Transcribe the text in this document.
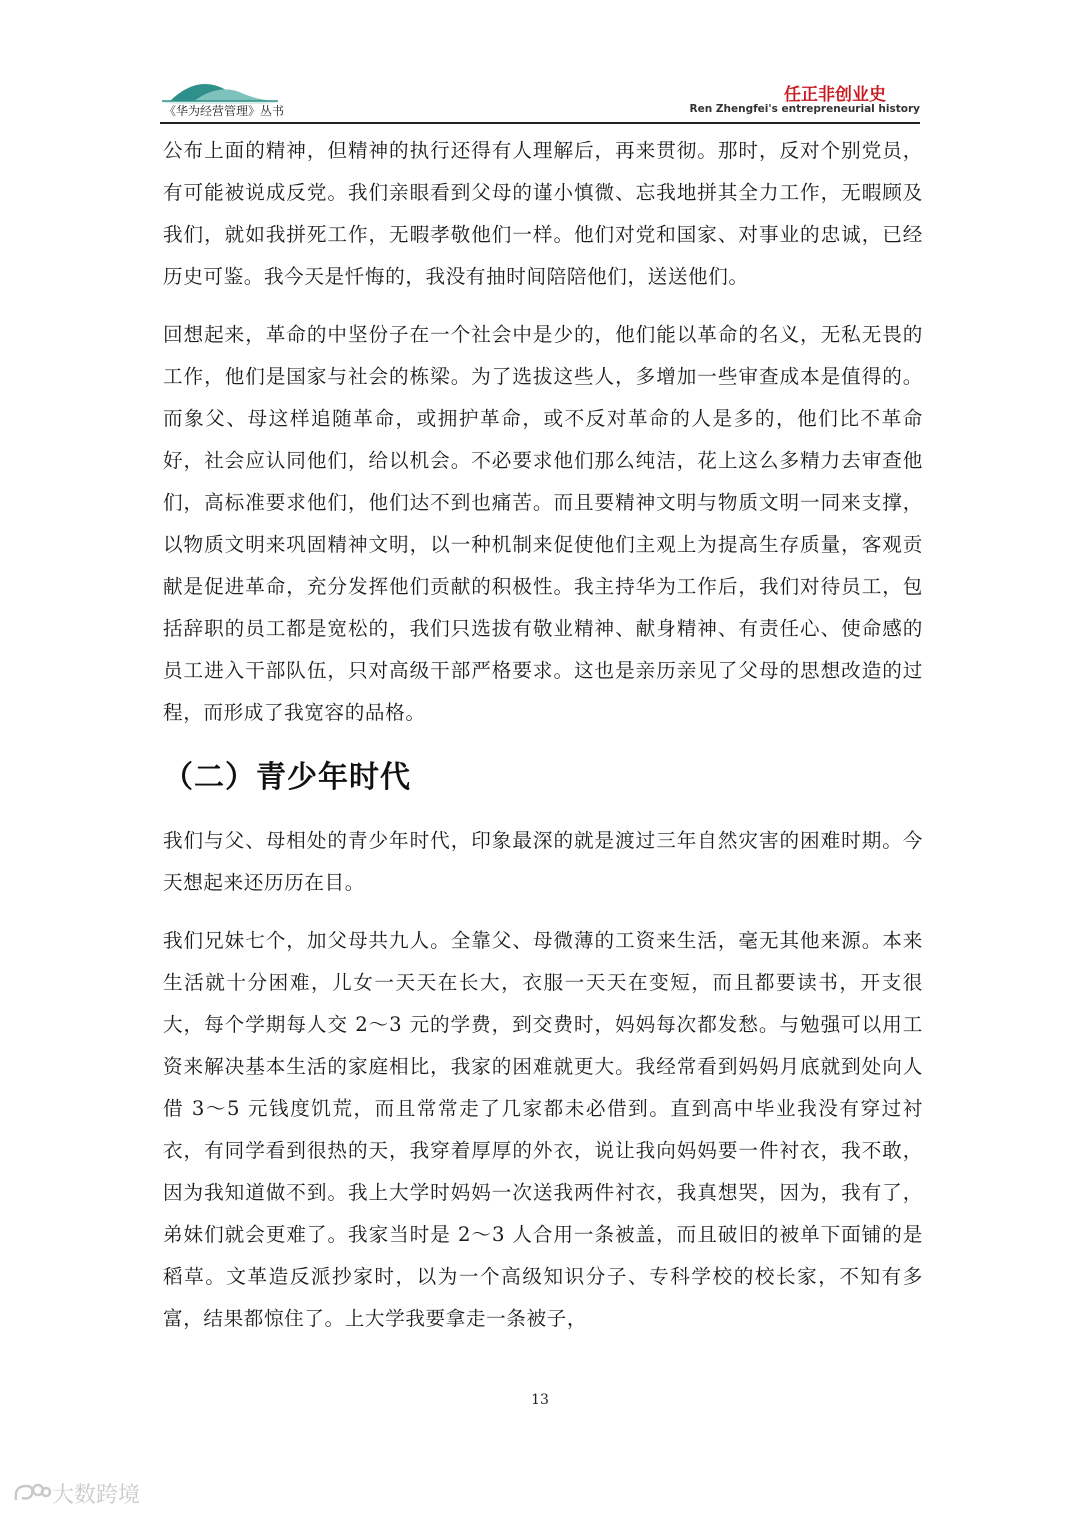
《华为经营管理》丛书
任正非创业史
Ren Zhengfei's entrepreneurial history

公布上面的精神，但精神的执行还得有人理解后，再来贯彻。那时，反对个别党员，有可能被说成反党。我们亲眼看到父母的谨小慎微、忘我地拼其全力工作，无暇顾及我们，就如我拼死工作，无暇孝敬他们一样。他们对党和国家、对事业的忠诚，已经历史可鉴。我今天是忏悔的，我没有抽时间陪陪他们，送送他们。

回想起来，革命的中坚份子在一个社会中是少的，他们能以革命的名义，无私无畏的工作，他们是国家与社会的栋梁。为了选拔这些人，多增加一些审查成本是值得的。而象父、母这样追随革命，或拥护革命，或不反对革命的人是多的，他们比不革命好，社会应认同他们，给以机会。不必要求他们那么纯洁，花上这么多精力去审查他们，高标准要求他们，他们达不到也痛苦。而且要精神文明与物质文明一同来支撑，以物质文明来巩固精神文明，以一种机制来促使他们主观上为提高生存质量，客观贡献是促进革命，充分发挥他们贡献的积极性。我主持华为工作后，我们对待员工，包括辞职的员工都是宽松的，我们只选拔有敬业精神、献身精神、有责任心、使命感的员工进入干部队伍，只对高级干部严格要求。这也是亲历亲见了父母的思想改造的过程，而形成了我宽容的品格。

（二）青少年时代

我们与父、母相处的青少年时代，印象最深的就是渡过三年自然灾害的困难时期。今天想起来还历历在目。

我们兄妹七个，加父母共九人。全靠父、母微薄的工资来生活，毫无其他来源。本来生活就十分困难，儿女一天天在长大，衣服一天天在变短，而且都要读书，开支很大，每个学期每人交 2～3 元的学费，到交费时，妈妈每次都发愁。与勉强可以用工资来解决基本生活的家庭相比，我家的困难就更大。我经常看到妈妈月底就到处向人借 3～5 元钱度饥荒，而且常常走了几家都未必借到。直到高中毕业我没有穿过衬衣，有同学看到很热的天，我穿着厚厚的外衣，说让我向妈妈要一件衬衣，我不敢，因为我知道做不到。我上大学时妈妈一次送我两件衬衣，我真想哭，因为，我有了，弟妹们就会更难了。我家当时是 2～3 人合用一条被盖，而且破旧的被单下面铺的是稻草。文革造反派抄家时，以为一个高级知识分子、专科学校的校长家，不知有多富，结果都惊住了。上大学我要拿走一条被子，

13
大数跨境
